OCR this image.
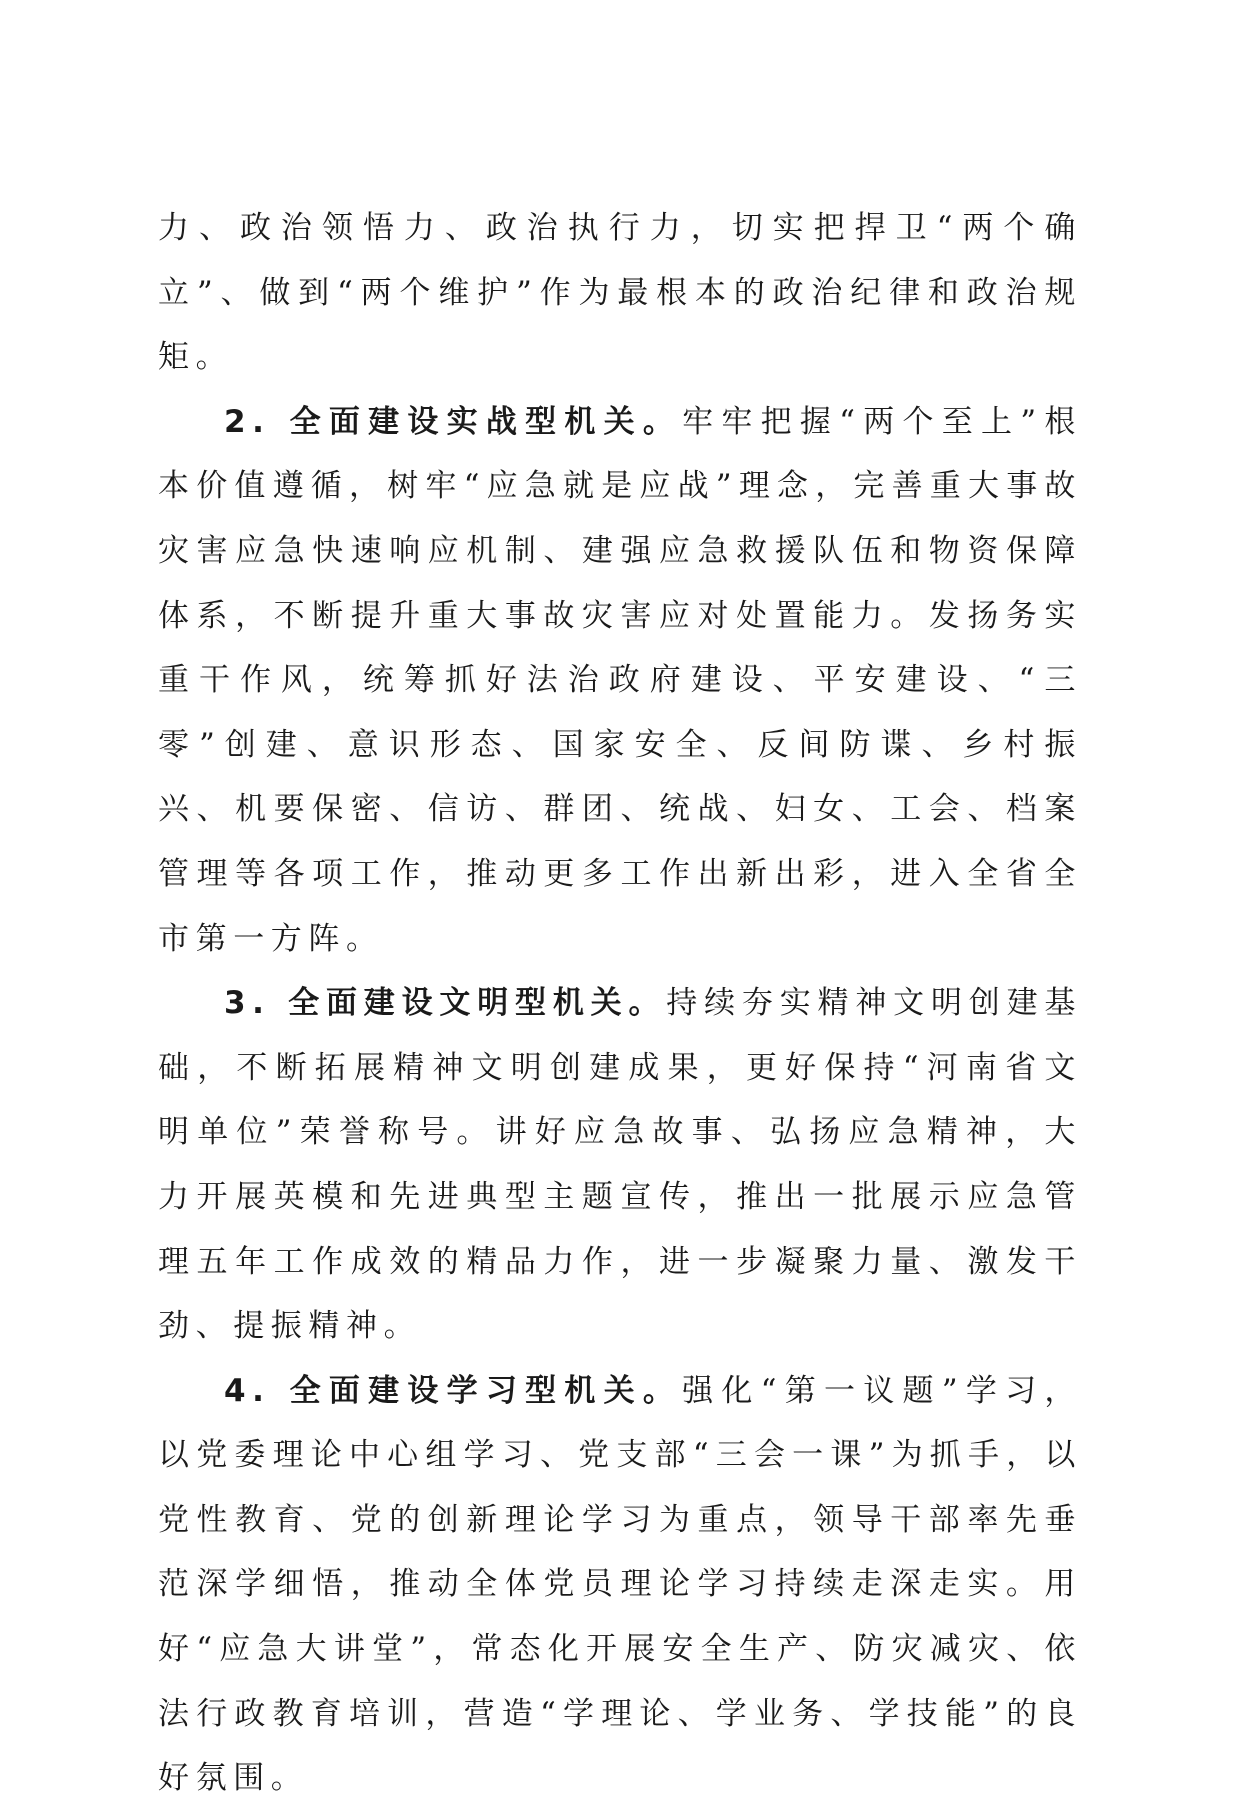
力、政治领悟力、政治执行力，切实把捍卫“两个确立”、做到“两个维护”作为最根本的政治纪律和政治规矩。

2. 全面建设实战型机关。牢牢把握“两个至上”根本价值遵循，树牢“应急就是应战”理念，完善重大事故灾害应急快速响应机制、建强应急救援队伍和物资保障体系，不断提升重大事故灾害应对处置能力。发扬务实重干作风，统筹抓好法治政府建设、平安建设、“三零”创建、意识形态、国家安全、反间防谍、乡村振兴、机要保密、信访、群团、统战、妇女、工会、档案管理等各项工作，推动更多工作出新出彩，进入全省全市第一方阵。

3. 全面建设文明型机关。持续夯实精神文明创建基础，不断拓展精神文明创建成果，更好保持“河南省文明单位”荣誉称号。讲好应急故事、弘扬应急精神，大力开展英模和先进典型主题宣传，推出一批展示应急管理五年工作成效的精品力作，进一步凝聚力量、激发干劲、提振精神。

4. 全面建设学习型机关。强化“第一议题”学习，以党委理论中心组学习、党支部“三会一课”为抓手，以党性教育、党的创新理论学习为重点，领导干部率先垂范深学细悟，推动全体党员理论学习持续走深走实。用好“应急大讲堂”，常态化开展安全生产、防灾减灾、依法行政教育培训，营造“学理论、学业务、学技能”的良好氛围。
